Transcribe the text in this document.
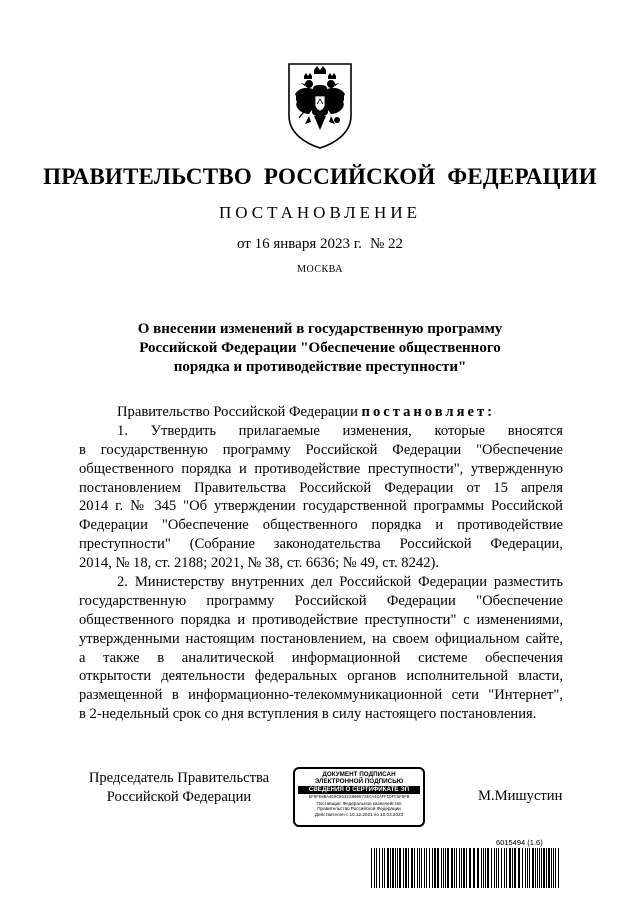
ПРАВИТЕЛЬСТВО РОССИЙСКОЙ ФЕДЕРАЦИИ
ПОСТАНОВЛЕНИЕ
от 16 января 2023 г. № 22
МОСКВА
О внесении изменений в государственную программу
Российской Федерации "Обеспечение общественного
порядка и противодействие преступности"
Правительство Российской Федерации постановляет:
1. Утвердить прилагаемые изменения, которые вносятся
в государственную программу Российской Федерации "Обеспечение
общественного порядка и противодействие преступности", утвержденную
постановлением Правительства Российской Федерации от 15 апреля
2014 г. № 345 "Об утверждении государственной программы Российской
Федерации "Обеспечение общественного порядка и противодействие
преступности" (Собрание законодательства Российской Федерации,
2014, № 18, ст. 2188; 2021, № 38, ст. 6636; № 49, ст. 8242).
2. Министерству внутренних дел Российской Федерации разместить
государственную программу Российской Федерации "Обеспечение
общественного порядка и противодействие преступности" с изменениями,
утвержденными настоящим постановлением, на своем официальном сайте,
а также в аналитической информационной системе обеспечения
открытости деятельности федеральных органов исполнительной власти,
размещенной в информационно-телекоммуникационной сети "Интернет",
в 2-недельный срок со дня вступления в силу настоящего постановления.
Председатель Правительства
Российской Федерации
ДОКУМЕНТ ПОДПИСАН
ЭЛЕКТРОННОЙ ПОДПИСЬЮ
СВЕДЕНИЯ О СЕРТИФИКАТЕ ЭП
5F0FE8BA4E9C55323800672ECA4CAFFCDFC5F5FB
Поставщик: Федеральное казначейство
Правительство Российской Федерации
Действителен с 10.12.2021 по 10.03.2023
М.Мишустин
6015494 (1.6)
